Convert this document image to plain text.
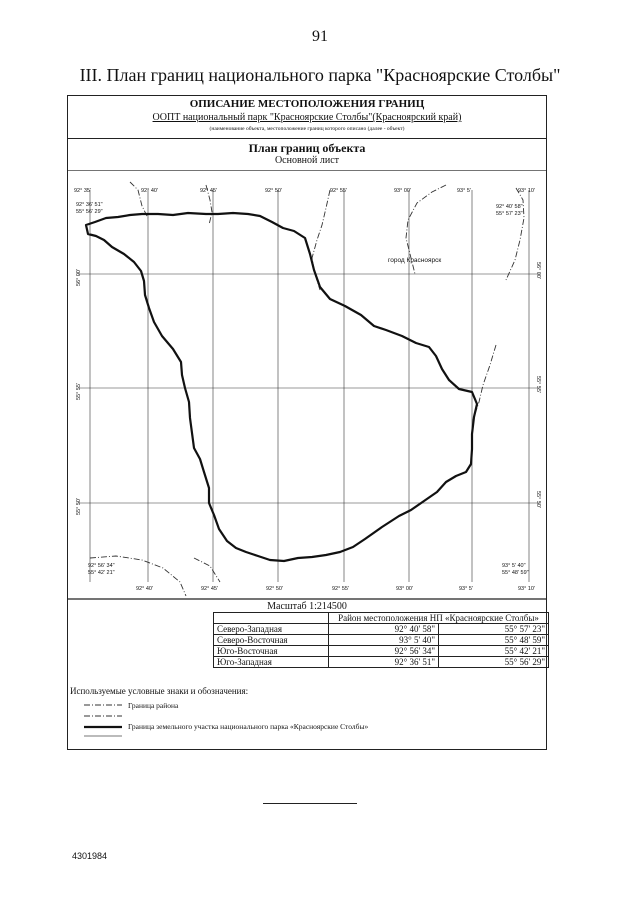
91
III. План границ национального парка "Красноярские Столбы"
ОПИСАНИЕ МЕСТОПОЛОЖЕНИЯ ГРАНИЦ
ООПТ национальный парк "Красноярские Столбы"(Красноярский край)
(наименование объекта, местоположение границ которого описано (далее - объект)
План границ объекта
Основной лист
92° 35'	92° 40'	92° 45'	92° 50'	92° 55'	93° 00'	93° 5'	93° 10'
92° 40'	92° 45'	92° 50'	92° 55'	93° 00'	93° 5'	93° 10'
56° 00'
55° 55'
55° 50'
56° 00'
55° 55'
55° 50'
92° 36' 51"
55° 56' 29"
92° 40' 58"
55° 57' 23"
92° 56' 34"
55° 42' 21"
93° 5' 40"
55° 48' 59"
город Красноярск
Масштаб 1:214500
	Район местоположения НП «Красноярские Столбы»	
Северо-Западная	92° 40' 58"	55° 57' 23"
Северо-Восточная	93° 5' 40"	55° 48' 59"
Юго-Восточная	92° 56' 34"	55° 42' 21"
Юго-Западная	92° 36' 51"	55° 56' 29"
Используемые условные знаки и обозначения:
Граница района
Граница земельного участка национального парка «Красноярские Столбы»
4301984
